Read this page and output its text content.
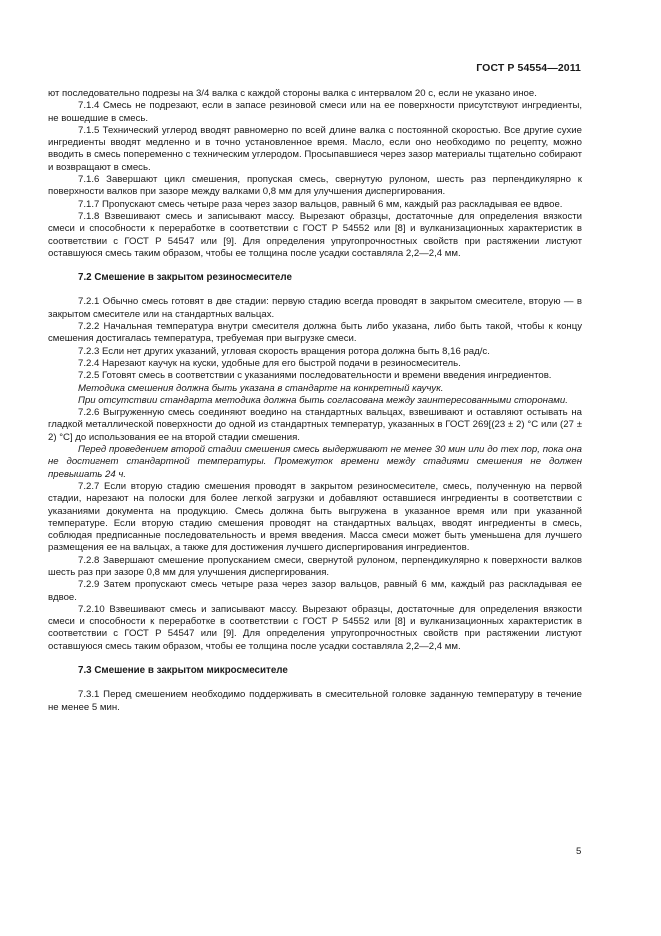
ГОСТ Р 54554—2011

ют последовательно подрезы на 3/4 валка с каждой стороны валка с интервалом 20 с, если не указано иное.

7.1.4 Смесь не подрезают, если в запасе резиновой смеси или на ее поверхности присутствуют ингредиенты, не вошедшие в смесь.

7.1.5 Технический углерод вводят равномерно по всей длине валка с постоянной скоростью. Все другие сухие ингредиенты вводят медленно и в точно установленное время. Масло, если оно необходимо по рецепту, можно вводить в смесь попеременно с техническим углеродом. Просыпавшиеся через зазор материалы тщательно собирают и возвращают в смесь.

7.1.6 Завершают цикл смешения, пропуская смесь, свернутую рулоном, шесть раз перпендикулярно к поверхности валков при зазоре между валками 0,8 мм для улучшения диспергирования.

7.1.7 Пропускают смесь четыре раза через зазор вальцов, равный 6 мм, каждый раз раскладывая ее вдвое.

7.1.8 Взвешивают смесь и записывают массу. Вырезают образцы, достаточные для определения вязкости смеси и способности к переработке в соответствии с ГОСТ Р 54552 или [8] и вулканизационных характеристик в соответствии с ГОСТ Р 54547 или [9]. Для определения упругопрочностных свойств при растяжении листуют оставшуюся смесь таким образом, чтобы ее толщина после усадки составляла 2,2—2,4 мм.

7.2 Смешение в закрытом резиносмесителе

7.2.1 Обычно смесь готовят в две стадии: первую стадию всегда проводят в закрытом смесителе, вторую — в закрытом смесителе или на стандартных вальцах.

7.2.2 Начальная температура внутри смесителя должна быть либо указана, либо быть такой, чтобы к концу смешения достигалась температура, требуемая при выгрузке смеси.

7.2.3 Если нет других указаний, угловая скорость вращения ротора должна быть 8,16 рад/с.

7.2.4 Нарезают каучук на куски, удобные для его быстрой подачи в резиносмеситель.

7.2.5 Готовят смесь в соответствии с указаниями последовательности и времени введения ингредиентов.

Методика смешения должна быть указана в стандарте на конкретный каучук.

При отсутствии стандарта методика должна быть согласована между заинтересованными сторонами.

7.2.6 Выгруженную смесь соединяют воедино на стандартных вальцах, взвешивают и оставляют остывать на гладкой металлической поверхности до одной из стандартных температур, указанных в ГОСТ 269[(23 ± 2) °С или (27 ± 2) °С] до использования ее на второй стадии смешения.

Перед проведением второй стадии смешения смесь выдерживают не менее 30 мин или до тех пор, пока она не достигнет стандартной температуры. Промежуток времени между стадиями смешения не должен превышать 24 ч.

7.2.7 Если вторую стадию смешения проводят в закрытом резиносмесителе, смесь, полученную на первой стадии, нарезают на полоски для более легкой загрузки и добавляют оставшиеся ингредиенты в соответствии с указаниями документа на продукцию. Смесь должна быть выгружена в указанное время или при указанной температуре. Если вторую стадию смешения проводят на стандартных вальцах, вводят ингредиенты в смесь, соблюдая предписанные последовательность и время введения. Масса смеси может быть уменьшена для лучшего размещения ее на вальцах, а также для достижения лучшего диспергирования ингредиентов.

7.2.8 Завершают смешение пропусканием смеси, свернутой рулоном, перпендикулярно к поверхности валков шесть раз при зазоре 0,8 мм для улучшения диспергирования.

7.2.9 Затем пропускают смесь четыре раза через зазор вальцов, равный 6 мм, каждый раз раскладывая ее вдвое.

7.2.10 Взвешивают смесь и записывают массу. Вырезают образцы, достаточные для определения вязкости смеси и способности к переработке в соответствии с ГОСТ Р 54552 или [8] и вулканизационных характеристик в соответствии с ГОСТ Р 54547 или [9]. Для определения упругопрочностных свойств при растяжении листуют оставшуюся смесь таким образом, чтобы ее толщина после усадки составляла 2,2—2,4 мм.

7.3 Смешение в закрытом микросмесителе

7.3.1 Перед смешением необходимо поддерживать в смесительной головке заданную температуру в течение не менее 5 мин.

5
